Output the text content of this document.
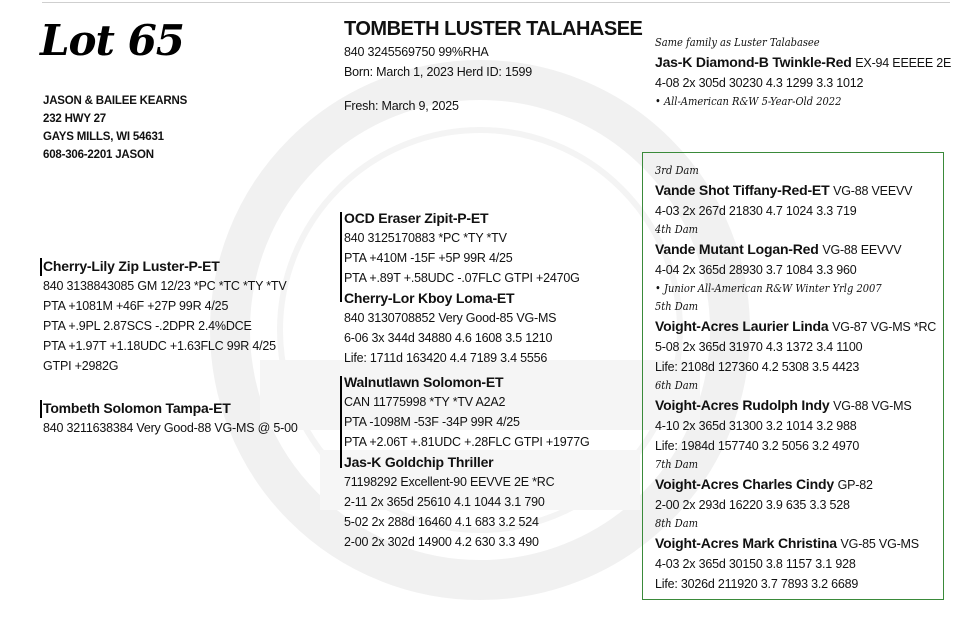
Lot 65
JASON & BAILEE KEARNS
232 HWY 27
GAYS MILLS, WI 54631
608-306-2201 JASON
TOMBETH LUSTER TALAHASEE
840 3245569750 99%RHA
Born: March 1, 2023 Herd ID: 1599
Fresh: March 9, 2025
Same family as Luster Talabasee
Jas-K Diamond-B Twinkle-Red EX-94 EEEEE 2E
4-08 2x 305d 30230 4.3 1299 3.3 1012
• All-American R&W 5-Year-Old 2022
Cherry-Lily Zip Luster-P-ET
840 3138843085 GM 12/23 *PC *TC *TY *TV
PTA +1081M +46F +27P 99R 4/25
PTA +.9PL 2.87SCS -.2DPR 2.4%DCE
PTA +1.97T +1.18UDC +1.63FLC 99R 4/25
GTPI +2982G
Tombeth Solomon Tampa-ET
840 3211638384 Very Good-88 VG-MS @ 5-00
OCD Eraser Zipit-P-ET
840 3125170883 *PC *TY *TV
PTA +410M -15F +5P 99R 4/25
PTA +.89T +.58UDC -.07FLC GTPI +2470G
Cherry-Lor Kboy Loma-ET
840 3130708852 Very Good-85 VG-MS
6-06 3x 344d 34880 4.6 1608 3.5 1210
Life: 1711d 163420 4.4 7189 3.4 5556
Walnutlawn Solomon-ET
CAN 11775998 *TY *TV A2A2
PTA -1098M -53F -34P 99R 4/25
PTA +2.06T +.81UDC +.28FLC GTPI +1977G
Jas-K Goldchip Thriller
71198292 Excellent-90 EEVVE 2E *RC
2-11 2x 365d 25610 4.1 1044 3.1 790
5-02 2x 288d 16460 4.1 683 3.2 524
2-00 2x 302d 14900 4.2 630 3.3 490
3rd Dam
Vande Shot Tiffany-Red-ET VG-88 VEEVV
4-03 2x 267d 21830 4.7 1024 3.3 719
4th Dam
Vande Mutant Logan-Red VG-88 EEVVV
4-04 2x 365d 28930 3.7 1084 3.3 960
• Junior All-American R&W Winter Yrlg 2007
5th Dam
Voight-Acres Laurier Linda VG-87 VG-MS *RC
5-08 2x 365d 31970 4.3 1372 3.4 1100
Life: 2108d 127360 4.2 5308 3.5 4423
6th Dam
Voight-Acres Rudolph Indy VG-88 VG-MS
4-10 2x 365d 31300 3.2 1014 3.2 988
Life: 1984d 157740 3.2 5056 3.2 4970
7th Dam
Voight-Acres Charles Cindy GP-82
2-00 2x 293d 16220 3.9 635 3.3 528
8th Dam
Voight-Acres Mark Christina VG-85 VG-MS
4-03 2x 365d 30150 3.8 1157 3.1 928
Life: 3026d 211920 3.7 7893 3.2 6689
